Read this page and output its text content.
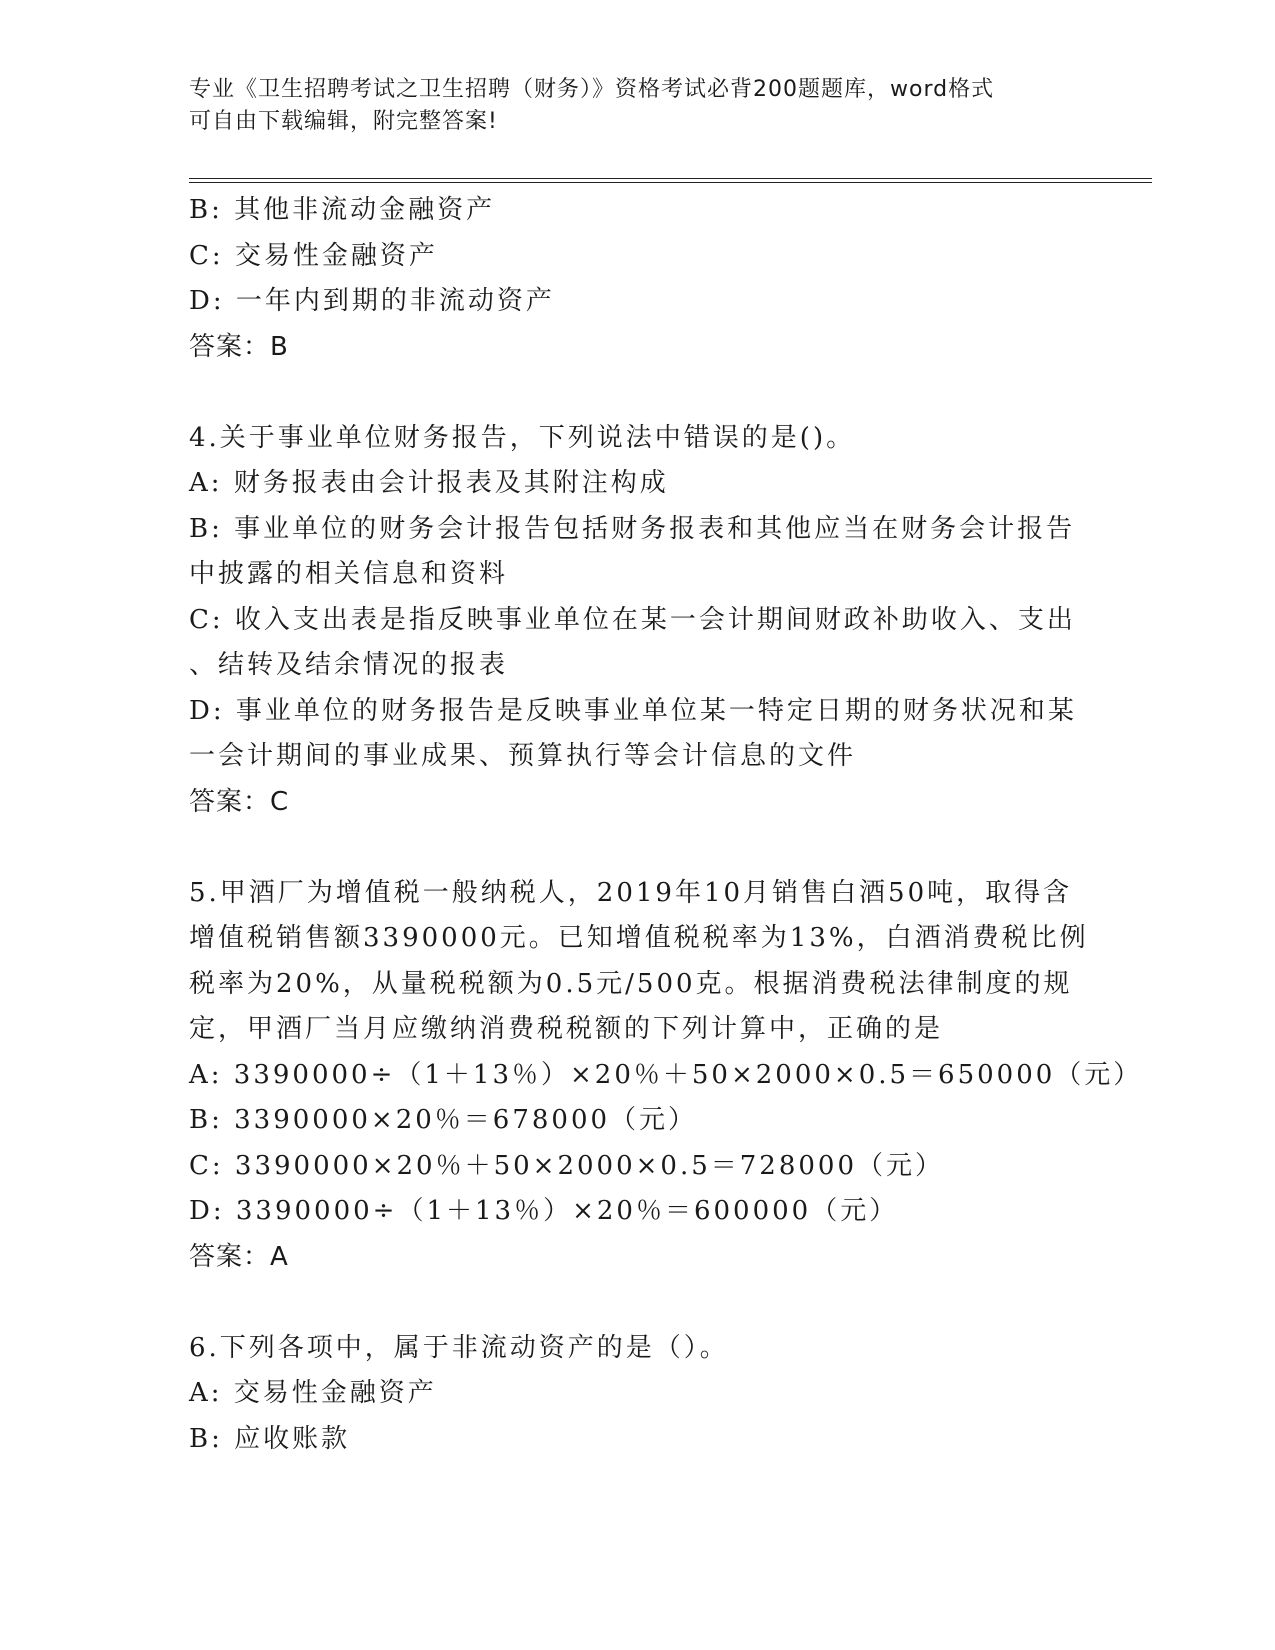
专业《卫生招聘考试之卫生招聘（财务）》资格考试必背200题题库，word格式
可自由下载编辑，附完整答案!
B: 其他非流动金融资产
C: 交易性金融资产
D: 一年内到期的非流动资产
答案：B
4.关于事业单位财务报告，下列说法中错误的是()。
A: 财务报表由会计报表及其附注构成
B: 事业单位的财务会计报告包括财务报表和其他应当在财务会计报告
中披露的相关信息和资料
C: 收入支出表是指反映事业单位在某一会计期间财政补助收入、支出
、结转及结余情况的报表
D: 事业单位的财务报告是反映事业单位某一特定日期的财务状况和某
一会计期间的事业成果、预算执行等会计信息的文件
答案：C
5.甲酒厂为增值税一般纳税人，2019年10月销售白酒50吨，取得含
增值税销售额3390000元。已知增值税税率为13%，白酒消费税比例
税率为20%，从量税税额为0.5元/500克。根据消费税法律制度的规
定，甲酒厂当月应缴纳消费税税额的下列计算中，正确的是
A: 3390000÷（1＋13％）×20％＋50×2000×0.5＝650000（元）
B: 3390000×20％＝678000（元）
C: 3390000×20％＋50×2000×0.5＝728000（元）
D: 3390000÷（1＋13％）×20％＝600000（元）
答案：A
6.下列各项中，属于非流动资产的是（）。
A: 交易性金融资产
B: 应收账款
